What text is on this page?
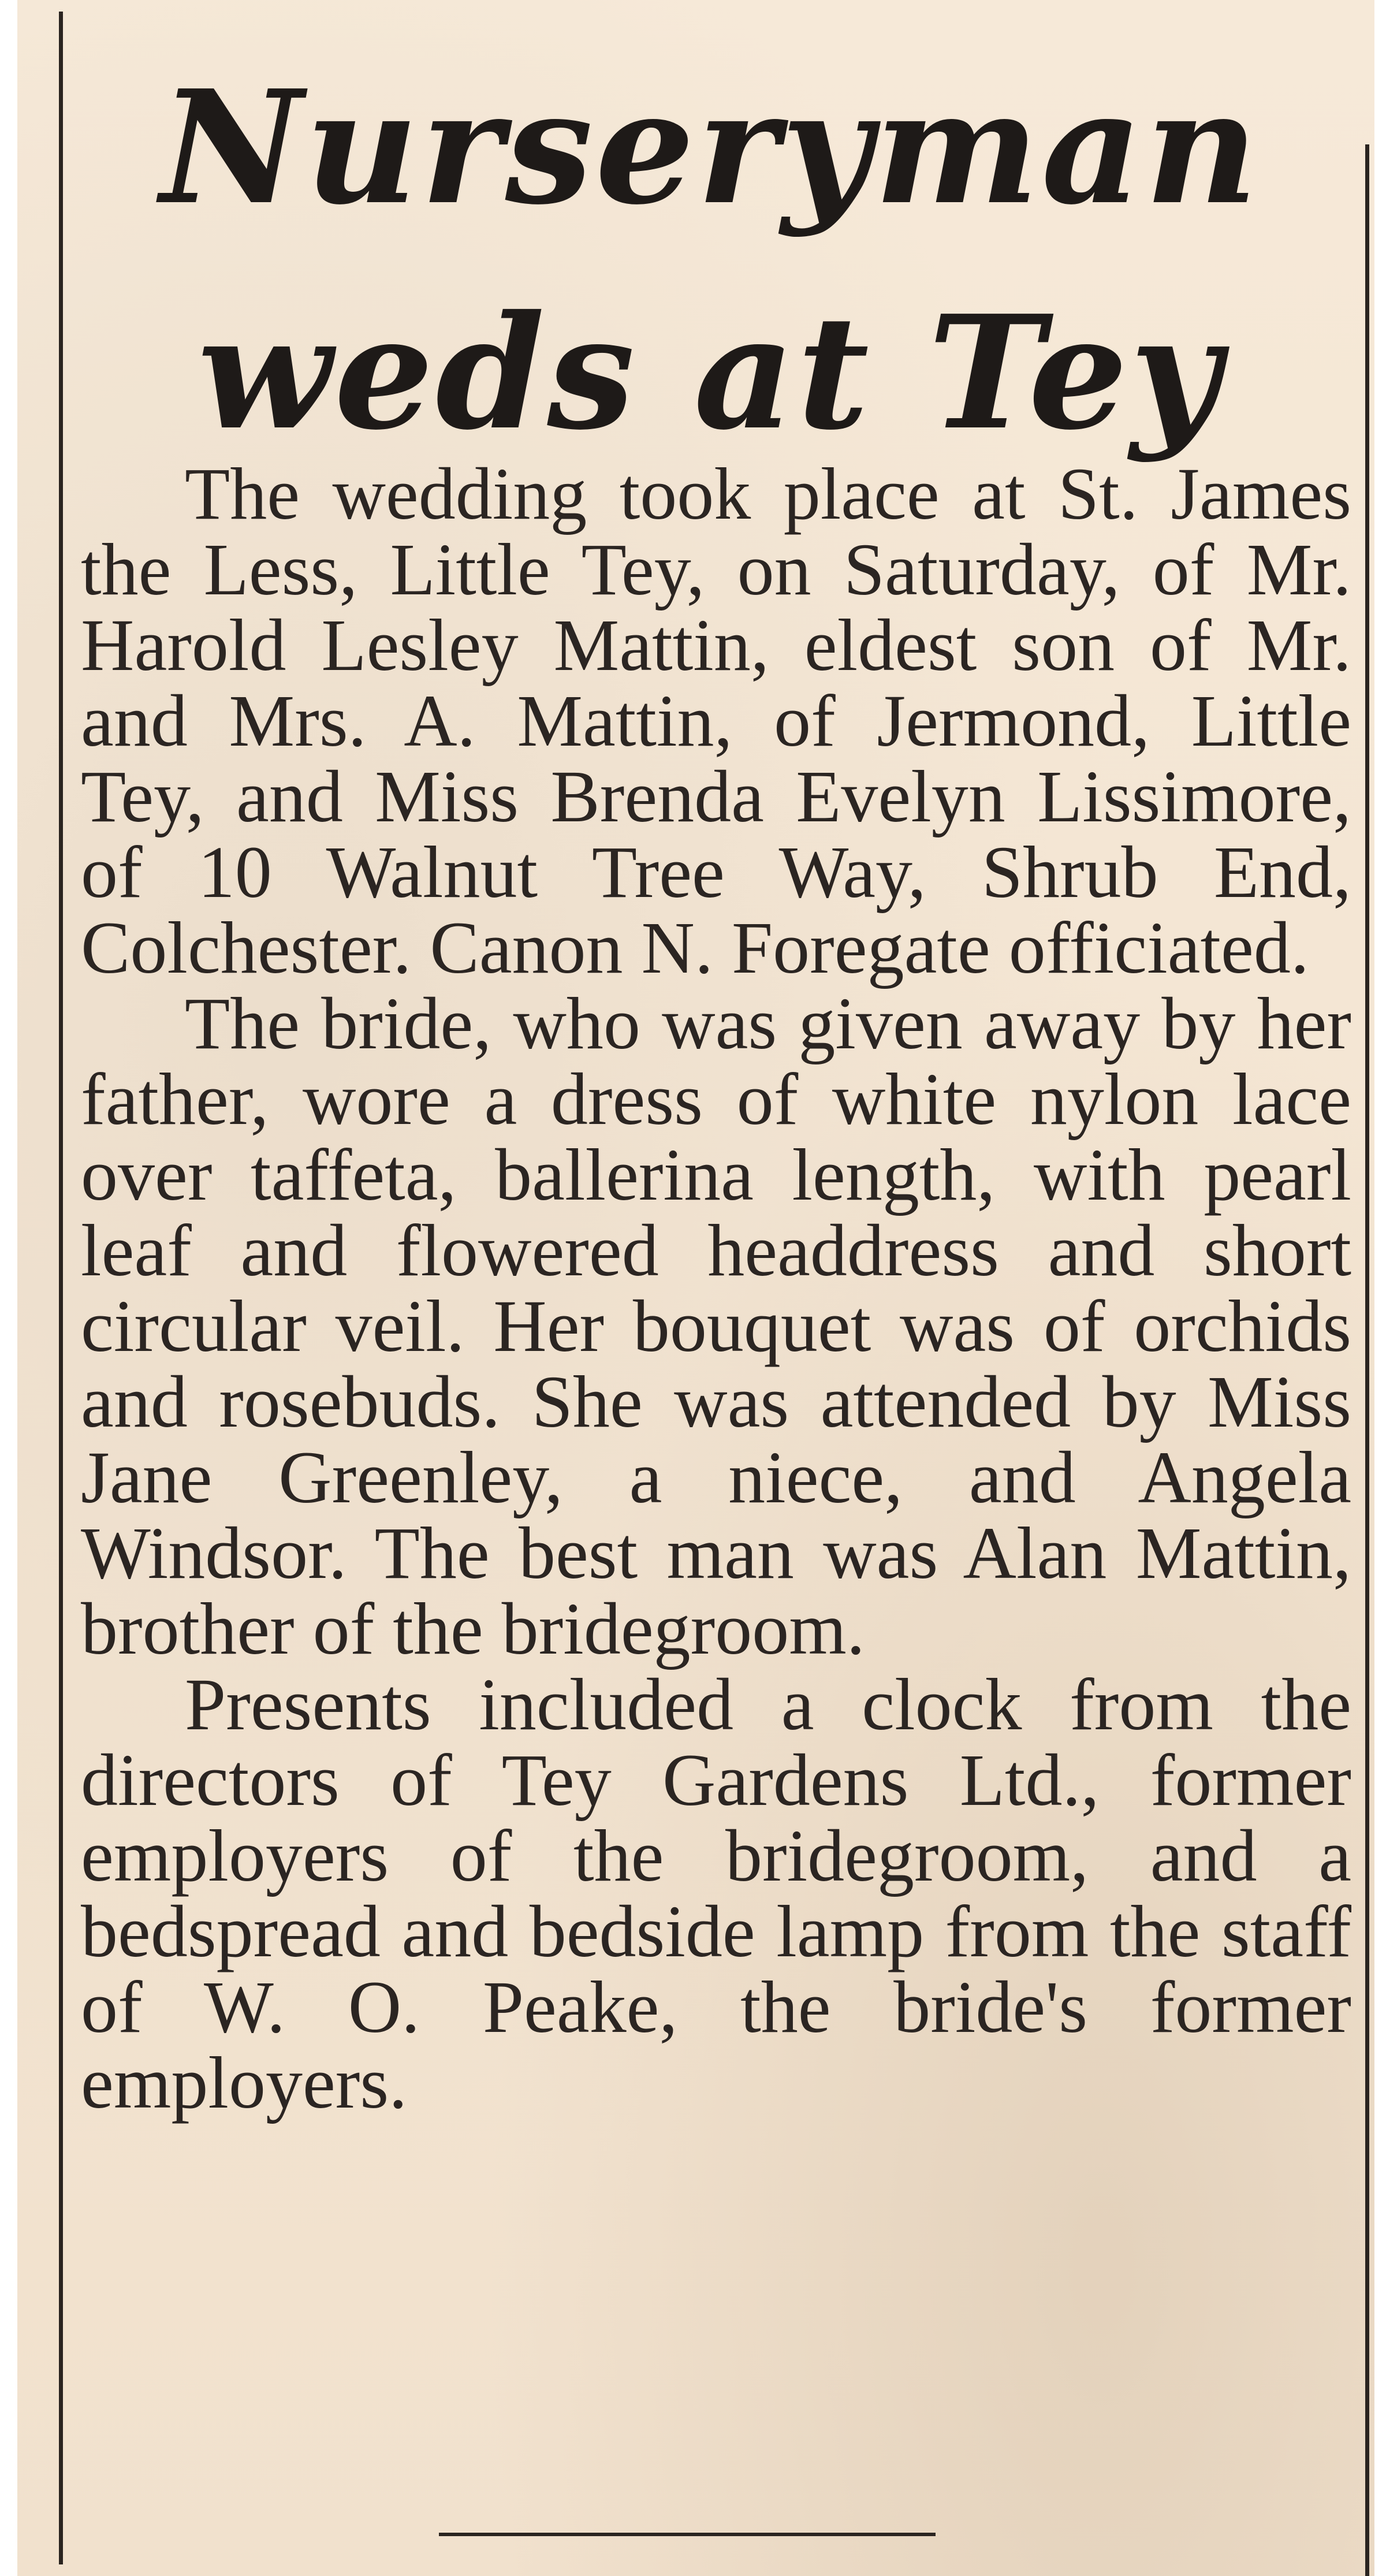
Nurseryman
weds at Tey

The wedding took place at St. James the Less, Little Tey, on Saturday, of Mr. Harold Lesley Mattin, eldest son of Mr. and Mrs. A. Mattin, of Jermond, Little Tey, and Miss Brenda Evelyn Lissimore, of 10 Walnut Tree Way, Shrub End, Colchester. Canon N. Foregate officiated.

The bride, who was given away by her father, wore a dress of white nylon lace over taffeta, ballerina length, with pearl leaf and flowered headdress and short circular veil. Her bouquet was of orchids and rosebuds. She was attended by Miss Jane Greenley, a niece, and Angela Windsor. The best man was Alan Mattin, brother of the bridegroom.

Presents included a clock from the directors of Tey Gardens Ltd., former employers of the bridegroom, and a bedspread and bedside lamp from the staff of W. O. Peake, the bride's former employers.
